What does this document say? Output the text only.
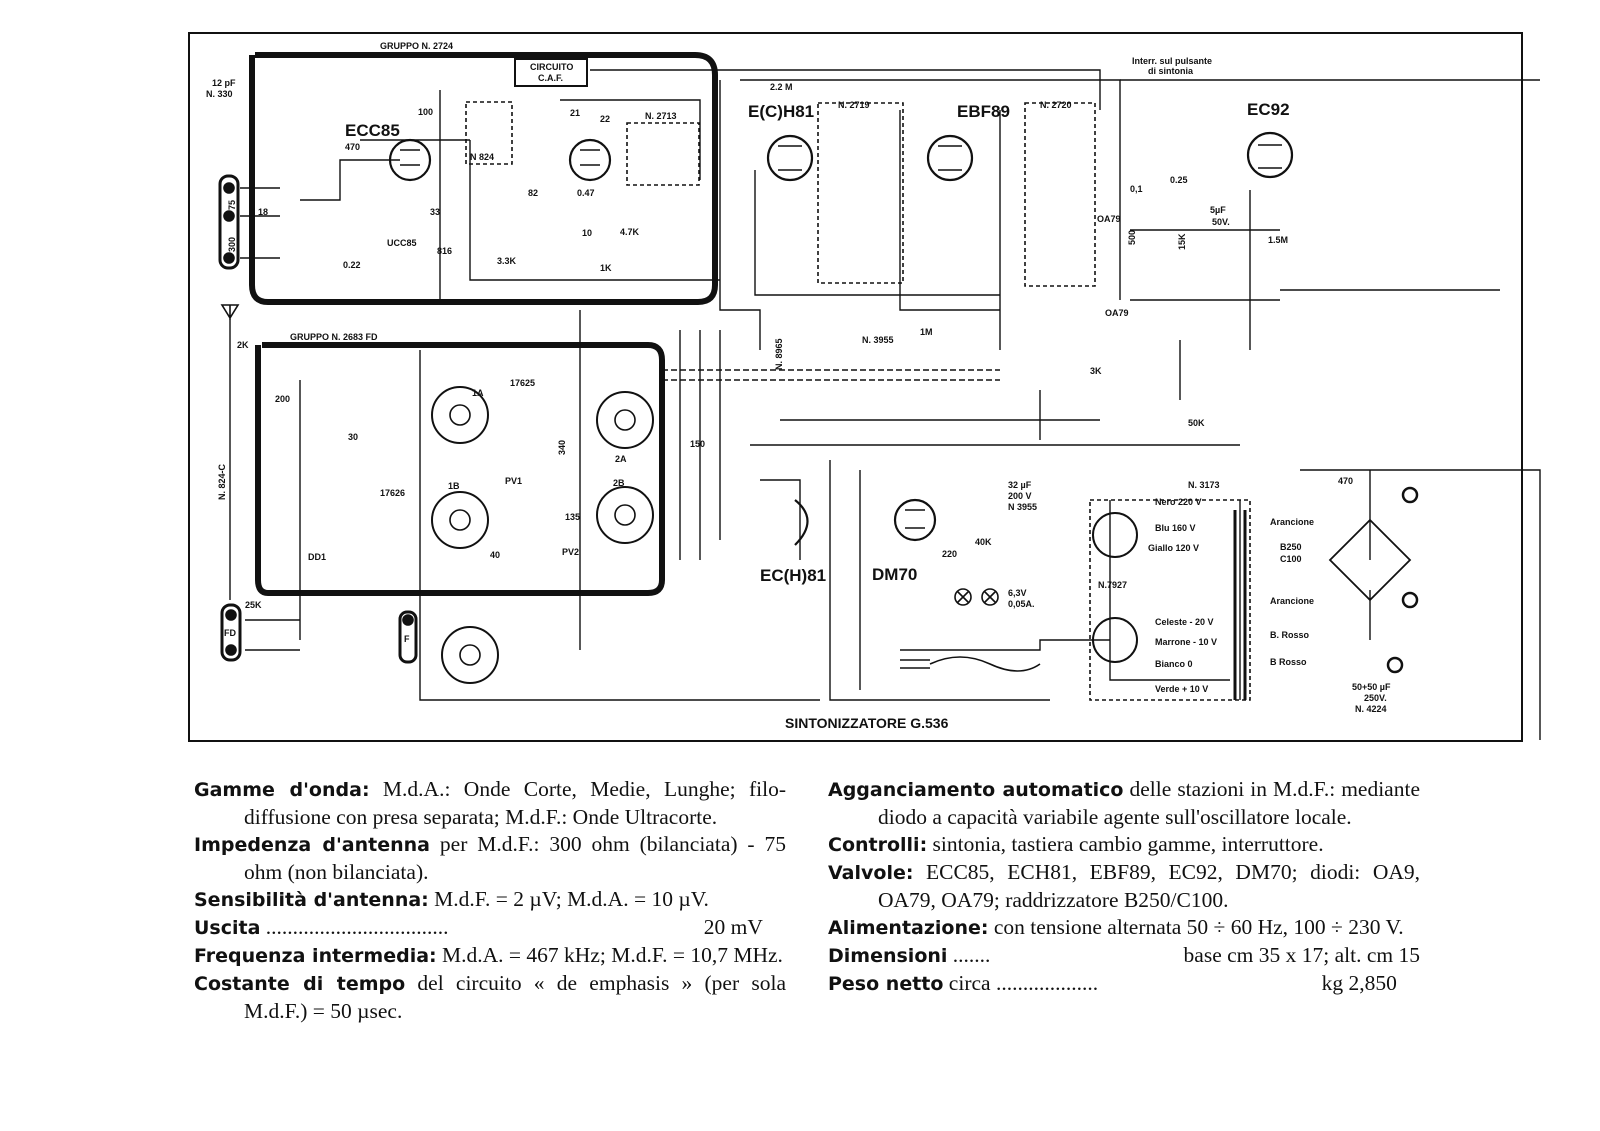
GRUPPO N. 2724
GRUPPO N. 2683 FD
CIRCUITO
C.A.F.
Interr. sul pulsante
di sintonia
12 pF
N. 330
N 824
N. 824-C
N. 2713
N. 2719	N. 2720
N. 3173
N.7927
N. 8965	N. 3955
N 3955
N. 4224
OA79
OA79
B250
C100
FD
F
75
300
ECC85
E(C)H81	EBF89	EC92
UCC85
DM70
EC(H)81
Nero 220 V
Blu 160 V
Giallo 120 V
Celeste - 20 V
Marrone - 10 V
Bianco 0
Verde + 10 V
Arancione
Arancione
B. Rosso
B Rosso
2.2 M
470
100
18	33
82
10
0.47
4.7K
3.3K
1K
21
22
0.22
816
0.25
5µF
50V.
1.5M
500	15K
0,1
3K
50K
150
40
135
340
200
30
25K
2K
32 µF
200 V
40K
220
6,3V
0,05A.
470
50+50 µF
250V.
PV1
PV2
DD1
17625
17626
1M
1A
1B
2A
2B
SINTONIZZATORE G.536

Gamme d'onda: M.d.A.: Onde Corte, Medie, Lunghe; filo-diffusione con presa separata; M.d.F.: Onde Ultracorte.

Impedenza d'antenna per M.d.F.: 300 ohm (bilanciata) - 75 ohm (non bilanciata).

Sensibilità d'antenna: M.d.F. = 2 µV; M.d.A. = 10 µV.

Uscita ..................................	20 mV

Frequenza intermedia: M.d.A. = 467 kHz; M.d.F. = 10,7 MHz.

Costante di tempo del circuito « de emphasis » (per sola M.d.F.) = 50 µsec.

Agganciamento automatico delle stazioni in M.d.F.: mediante diodo a capacità variabile agente sull'oscillatore locale.

Controlli: sintonia, tastiera cambio gamme, interruttore.

Valvole: ECC85, ECH81, EBF89, EC92, DM70; diodi: OA9, OA79, OA79; raddrizzatore B250/C100.

Alimentazione: con tensione alternata 50 ÷ 60 Hz, 100 ÷ 230 V.

Dimensioni .......	base cm 35 x 17; alt. cm 15

Peso netto circa ...................	kg 2,850
